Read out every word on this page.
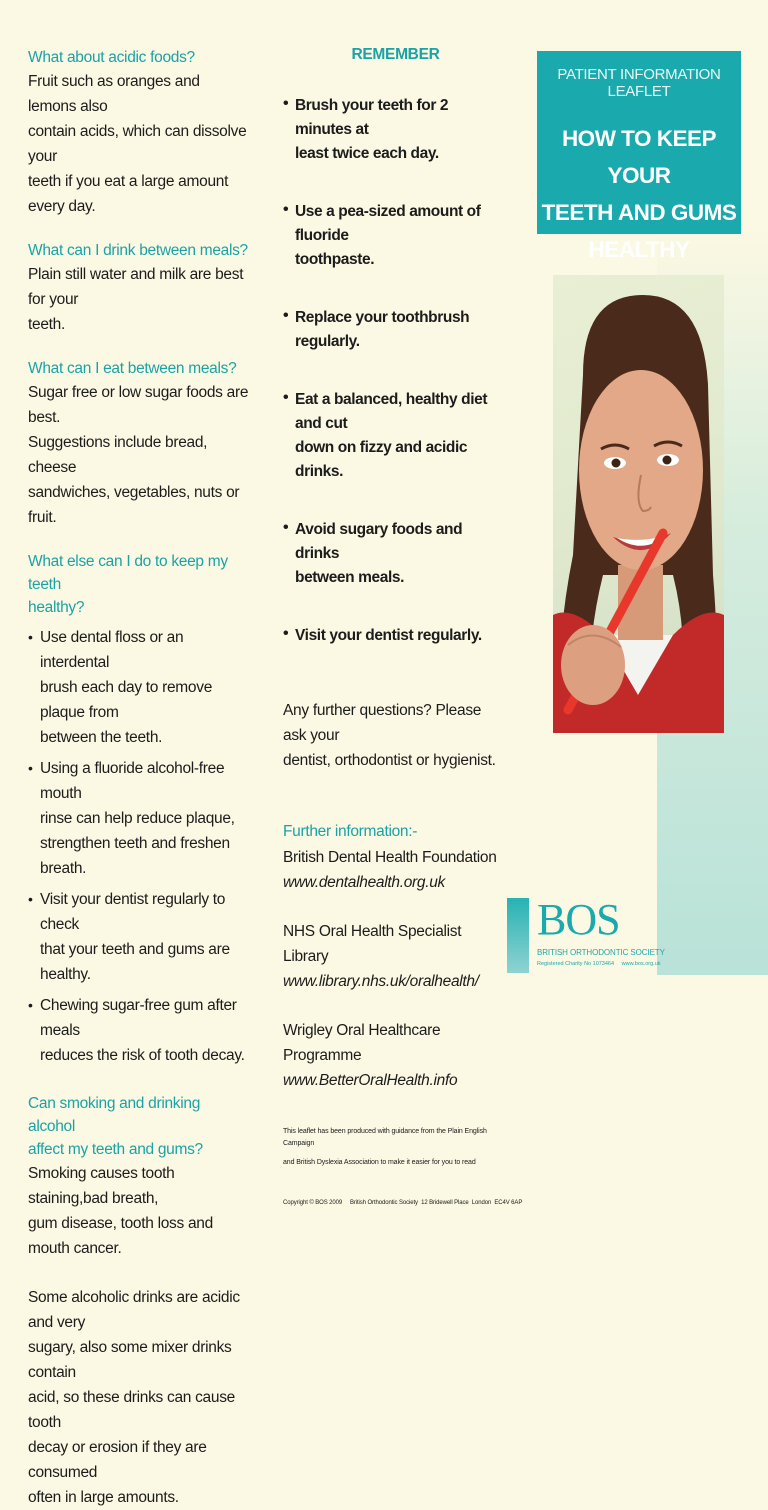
What about acidic foods?

Fruit such as oranges and lemons also

contain acids, which can dissolve your

teeth if you eat a large amount every day.

What can I drink between meals?

Plain still water and milk are best for your

teeth.

What can I eat between meals?

Sugar free or low sugar foods are best.

Suggestions include bread, cheese

sandwiches, vegetables, nuts or fruit.

What else can I do to keep my teeth

healthy?

• Use dental floss or an interdental
brush each day to remove plaque from
between the teeth.
• Using a fluoride alcohol-free mouth
rinse can help reduce plaque,
strengthen teeth and freshen breath.
• Visit your dentist regularly to check
that your teeth and gums are healthy.
• Chewing sugar-free gum after meals
reduces the risk of tooth decay.

Can smoking and drinking alcohol

affect my teeth and gums?

Smoking causes tooth staining,bad breath,

gum disease, tooth loss and mouth cancer.

Some alcoholic drinks are acidic and very

sugary, also some mixer drinks contain

acid, so these drinks can cause tooth

decay or erosion if they are consumed

often in large amounts.

REMEMBER

• Brush your teeth for 2 minutes at
least twice each day.
• Use a pea-sized amount of fluoride
toothpaste.
• Replace your toothbrush regularly.
• Eat a balanced, healthy diet and cut
down on fizzy and acidic drinks.
• Avoid sugary foods and drinks
between meals.
• Visit your dentist regularly.

Any further questions? Please ask your

dentist, orthodontist or hygienist.

Further information:-

British Dental Health Foundation

www.dentalhealth.org.uk

NHS Oral Health Specialist Library

www.library.nhs.uk/oralhealth/

Wrigley Oral Healthcare Programme

www.BetterOralHealth.info

This leaflet has been produced with guidance from the Plain English Campaign

and British Dyslexia Association to make it easier for you to read

Copyright © BOS 2009     British Orthodontic Society  12 Bridewell Place  London  EC4V 6AP

PATIENT INFORMATION LEAFLET
HOW TO KEEP YOUR
TEETH AND GUMS
HEALTHY
BOS
BRITISH ORTHODONTIC SOCIETY
Registered Charity No 1073464     www.bos.org.uk
